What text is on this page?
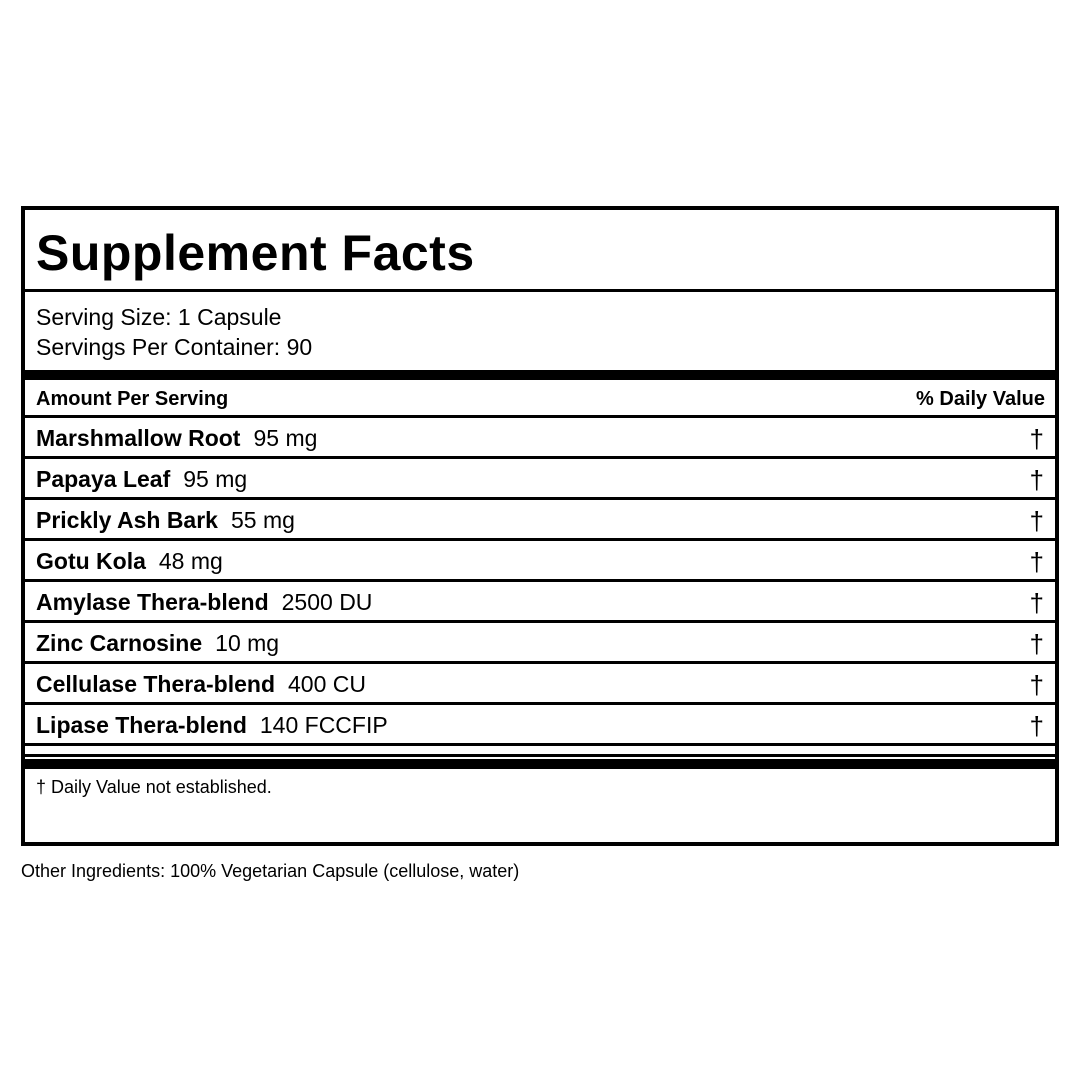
Supplement Facts
Serving Size: 1 Capsule
Servings Per Container: 90
Amount Per Serving	% Daily Value
Marshmallow Root 95 mg	†
Papaya Leaf 95 mg	†
Prickly Ash Bark 55 mg	†
Gotu Kola 48 mg	†
Amylase Thera-blend 2500 DU	†
Zinc Carnosine 10 mg	†
Cellulase Thera-blend 400 CU	†
Lipase Thera-blend 140 FCCFIP	†
† Daily Value not established.
Other Ingredients: 100% Vegetarian Capsule (cellulose, water)
